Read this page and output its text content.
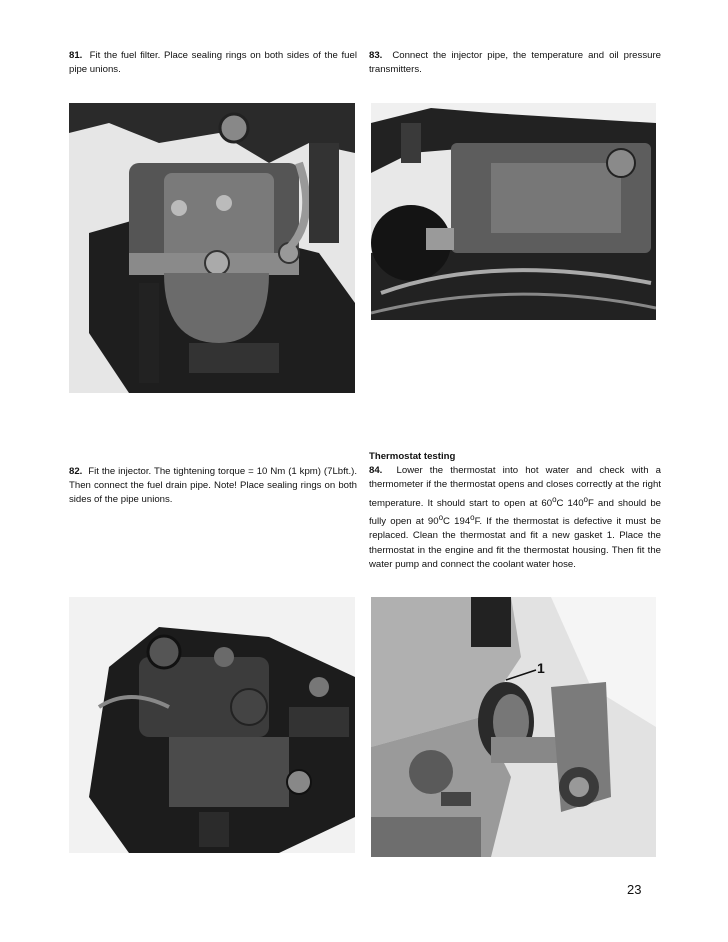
81. Fit the fuel filter. Place sealing rings on both sides of the fuel pipe unions.
83. Connect the injector pipe, the temperature and oil pressure transmitters.
82. Fit the injector. The tightening torque = 10 Nm (1 kpm) (7Lbft.). Then connect the fuel drain pipe. Note! Place sealing rings on both sides of the pipe unions.
Thermostat testing
84. Lower the thermostat into hot water and check with a thermometer if the thermostat opens and closes correctly at the right temperature. It should start to open at 60$^o$C 140$^o$F and should be fully open at 90$^o$C 194$^o$F. If the thermostat is defective it must be replaced. Clean the thermostat and fit a new gasket 1. Place the thermostat in the engine and fit the thermostat housing. Then fit the water pump and connect the coolant water hose.
1
23
